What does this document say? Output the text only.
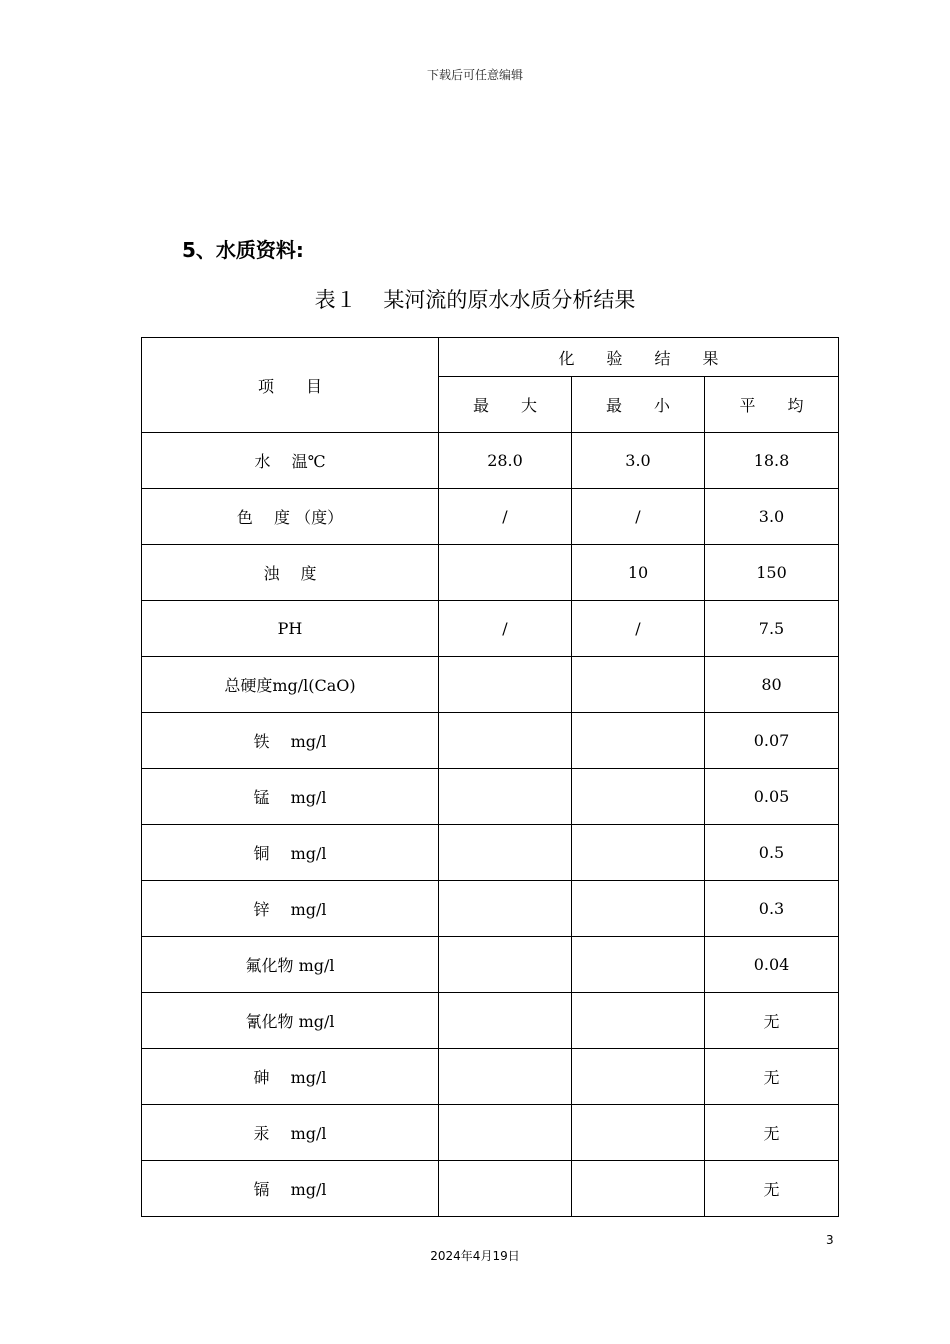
下载后可任意编辑
5、水质资料:
表１    某河流的原水水质分析结果
项　　目	化　　验　　结　　果		
	最　　大	最　　小	平　　均
水　 温℃	28.0	3.0	18.8
色　 度 （度）	/	/	3.0
浊　 度		10	150
PH	/	/	7.5
总硬度mg/l(CaO)			80
铁　 mg/l			0.07
锰　 mg/l			0.05
铜　 mg/l			0.5
锌　 mg/l			0.3
氟化物 mg/l			0.04
氰化物 mg/l			无
砷　 mg/l			无
汞　 mg/l			无
镉　 mg/l			无
3
2024年4月19日
